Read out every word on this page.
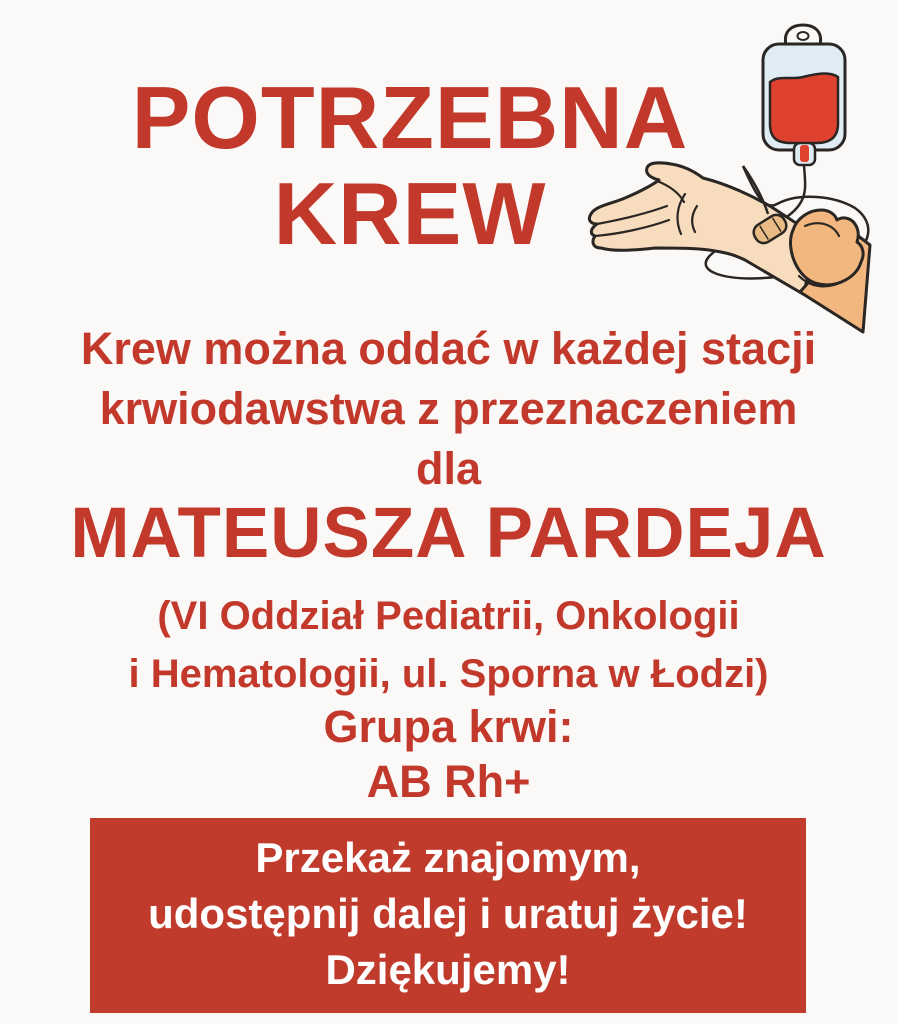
POTRZEBNA
KREW

Krew można oddać w każdej stacji
krwiodawstwa z przeznaczeniem
dla

MATEUSZA PARDEJA

(VI Oddział Pediatrii, Onkologii
i Hematologii, ul. Sporna w Łodzi)

Grupa krwi:
AB Rh+
Przekaż znajomym,
udostępnij dalej i uratuj życie!
Dziękujemy!
